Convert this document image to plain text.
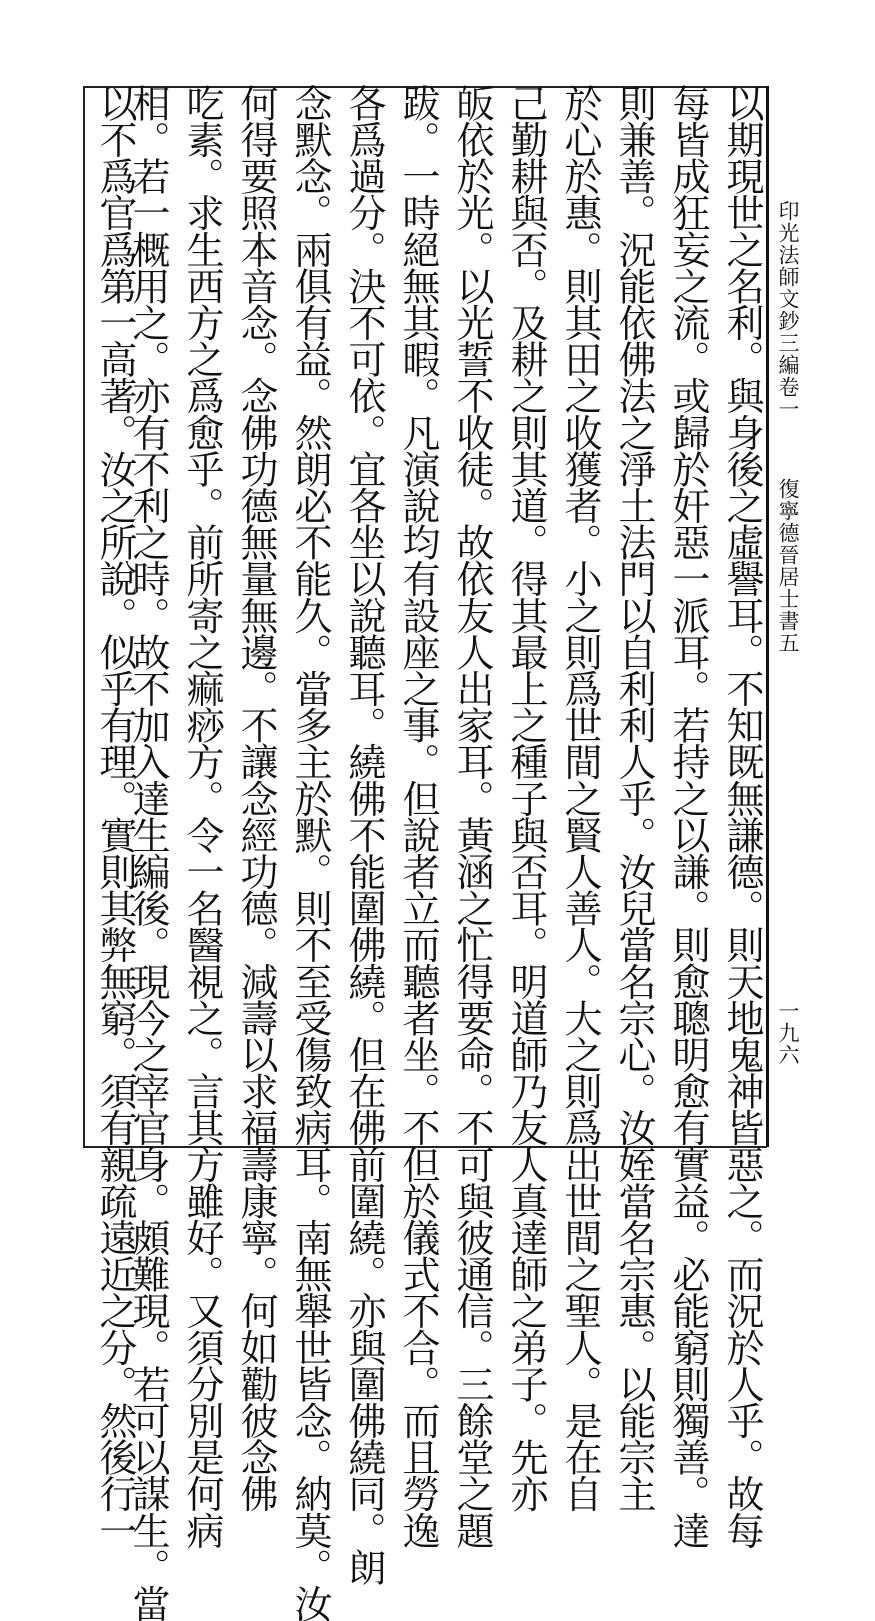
以期現世之名利。與身後之虛譽耳。不知既無謙德。則天地鬼神皆惡之。而況於人乎。故每
每皆成狂妄之流。或歸於奸惡一派耳。若持之以謙。則愈聰明愈有實益。必能窮則獨善。達
則兼善。況能依佛法之淨土法門以自利利人乎。汝兒當名宗心。汝姪當名宗惠。以能宗主
於心於惠。則其田之收獲者。小之則爲世間之賢人善人。大之則爲出世間之聖人。是在自
己勤耕與否。及耕之則其道。得其最上之種子與否耳。明道師乃友人真達師之弟子。先亦
皈依於光。以光誓不收徒。故依友人出家耳。黃涵之忙得要命。不可與彼通信。三餘堂之題
跋。一時絕無其暇。凡演說均有設座之事。但說者立而聽者坐。不但於儀式不合。而且勞逸
各爲過分。決不可依。宜各坐以說聽耳。繞佛不能圍佛繞。但在佛前圍繞。亦與圍佛繞同。朗
念默念。兩俱有益。然朗必不能久。當多主於默。則不至受傷致病耳。南無舉世皆念。納莫。汝
何得要照本音念。念佛功德無量無邊。不讓念經功德。減壽以求福壽康寧。何如勸彼念佛
吃素。求生西方之爲愈乎。前所寄之痲痧方。令一名醫視之。言其方雖好。又須分別是何病
相。若一概用之。亦有不利之時。故不加入達生編後。現今之宰官身。頗難現。若可以謀生。當
以不爲官爲第一高著。汝之所說。似乎有理。實則其弊無窮。須有親疏遠近之分。然後行一	印光法師文鈔三編卷一
復寧德晉居士書五
一九六
